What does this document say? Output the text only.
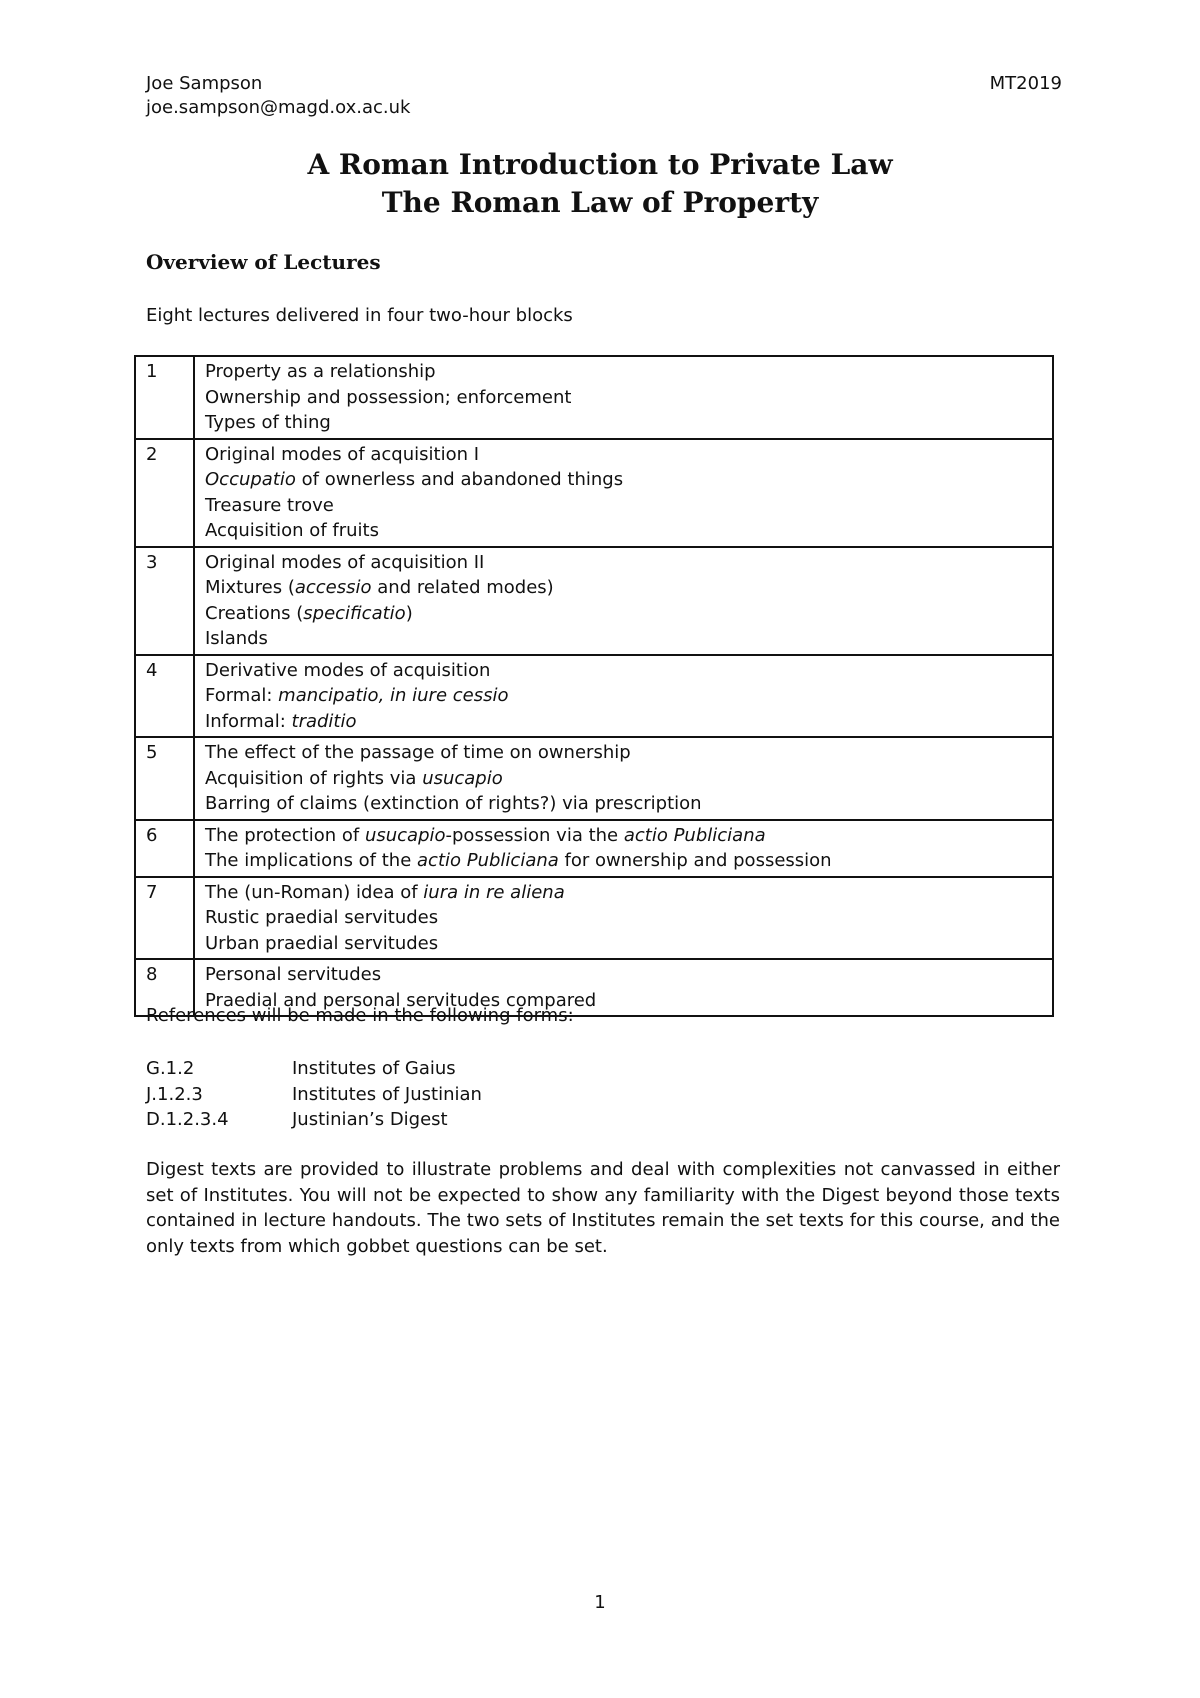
Joe Sampson
joe.sampson@magd.ox.ac.uk
MT2019
A Roman Introduction to Private Law
The Roman Law of Property
Overview of Lectures
Eight lectures delivered in four two-hour blocks
1	Property as a relationship
Ownership and possession; enforcement
Types of thing

2	Original modes of acquisition I
Occupatio of ownerless and abandoned things
Treasure trove
Acquisition of fruits

3	Original modes of acquisition II
Mixtures (accessio and related modes)
Creations (specificatio)
Islands

4	Derivative modes of acquisition
Formal: mancipatio, in iure cessio
Informal: traditio

5	The effect of the passage of time on ownership
Acquisition of rights via usucapio
Barring of claims (extinction of rights?) via prescription

6	The protection of usucapio-possession via the actio Publiciana
The implications of the actio Publiciana for ownership and possession

7	The (un-Roman) idea of iura in re aliena
Rustic praedial servitudes
Urban praedial servitudes

8	Personal servitudes
Praedial and personal servitudes compared
References will be made in the following forms:
G.1.2	Institutes of Gaius
J.1.2.3	Institutes of Justinian
D.1.2.3.4	Justinian’s Digest
Digest texts are provided to illustrate problems and deal with complexities not canvassed in either set of Institutes. You will not be expected to show any familiarity with the Digest beyond those texts contained in lecture handouts. The two sets of Institutes remain the set texts for this course, and the only texts from which gobbet questions can be set.
1
